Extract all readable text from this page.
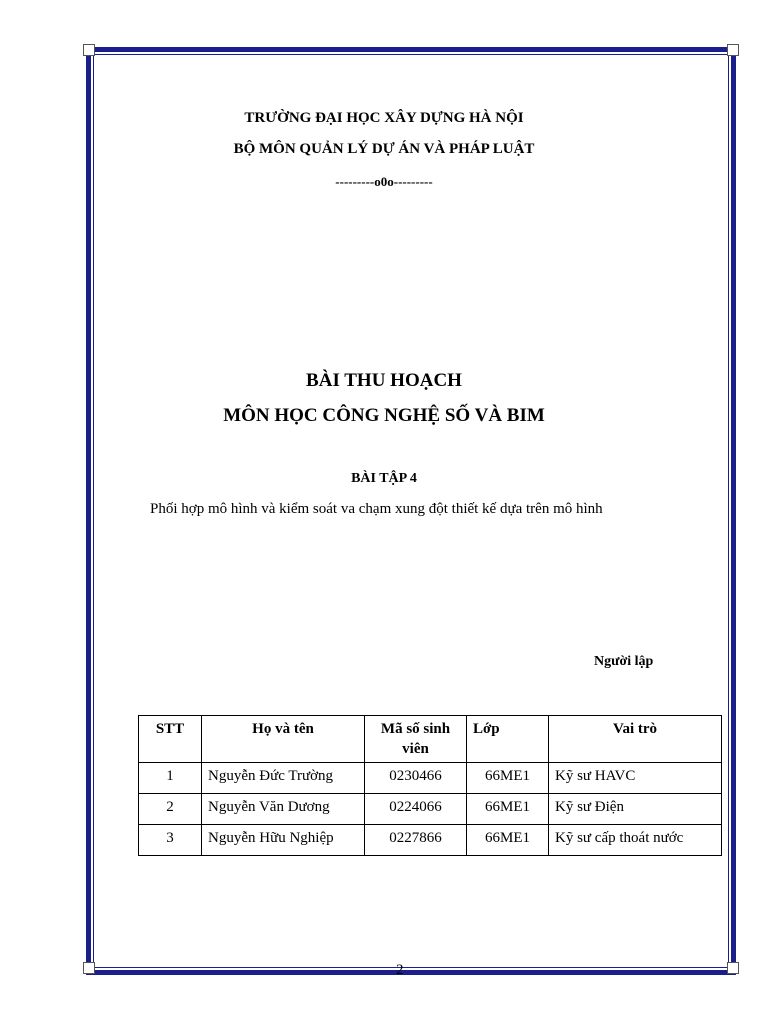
TRƯỜNG ĐẠI HỌC XÂY DỰNG HÀ NỘI
BỘ MÔN QUẢN LÝ DỰ ÁN VÀ PHÁP LUẬT
---------o0o---------
BÀI THU HOẠCH
MÔN HỌC CÔNG NGHỆ SỐ VÀ BIM
BÀI TẬP 4
Phối hợp mô hình và kiểm soát va chạm xung đột thiết kế dựa trên mô hình
Người lập
STT	Họ và tên	Mã số sinh viên	Lớp	Vai trò
1	Nguyễn Đức Trường	0230466	66ME1	Kỹ sư HAVC
2	Nguyễn Văn Dương	0224066	66ME1	Kỹ sư Điện
3	Nguyễn Hữu Nghiệp	0227866	66ME1	Kỹ sư cấp thoát nước
2
